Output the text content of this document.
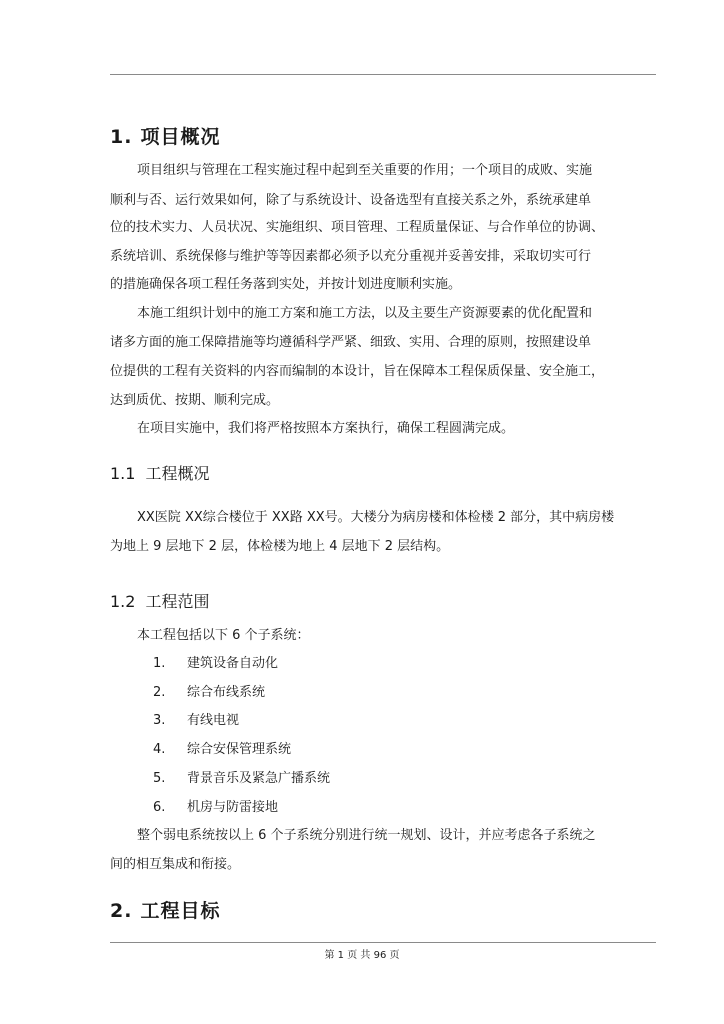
1. 项目概况
项目组织与管理在工程实施过程中起到至关重要的作用；一个项目的成败、实施
顺利与否、运行效果如何，除了与系统设计、设备选型有直接关系之外，系统承建单
位的技术实力、人员状况、实施组织、项目管理、工程质量保证、与合作单位的协调、
系统培训、系统保修与维护等等因素都必须予以充分重视并妥善安排，采取切实可行
的措施确保各项工程任务落到实处，并按计划进度顺利实施。
本施工组织计划中的施工方案和施工方法，以及主要生产资源要素的优化配置和
诸多方面的施工保障措施等均遵循科学严紧、细致、实用、合理的原则，按照建设单
位提供的工程有关资料的内容而编制的本设计，旨在保障本工程保质保量、安全施工，
达到质优、按期、顺利完成。
在项目实施中，我们将严格按照本方案执行，确保工程圆满完成。
1.1 工程概况
XX医院 XX综合楼位于 XX路 XX号。大楼分为病房楼和体检楼 2 部分，其中病房楼
为地上 9 层地下 2 层，体检楼为地上 4 层地下 2 层结构。
1.2 工程范围
本工程包括以下 6 个子系统：
1. 建筑设备自动化
2. 综合布线系统
3. 有线电视
4. 综合安保管理系统
5. 背景音乐及紧急广播系统
6. 机房与防雷接地
整个弱电系统按以上 6 个子系统分别进行统一规划、设计，并应考虑各子系统之
间的相互集成和衔接。
2. 工程目标
第 1 页 共 96 页
